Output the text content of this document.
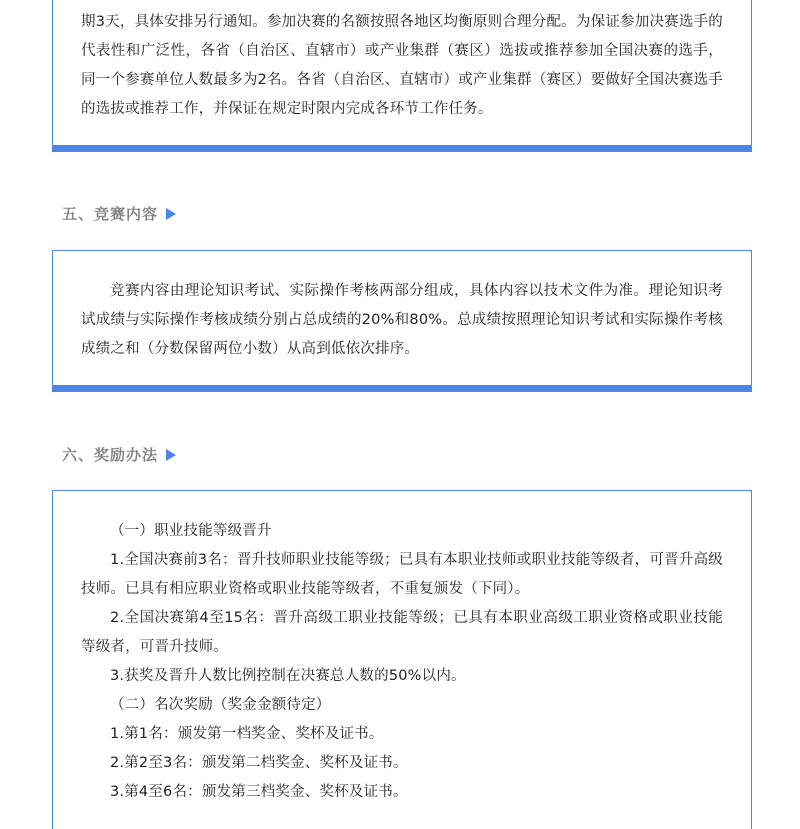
期3天，具体安排另行通知。参加决赛的名额按照各地区均衡原则合理分配。为保证参加决赛选手的代表性和广泛性，各省（自治区、直辖市）或产业集群（赛区）选拔或推荐参加全国决赛的选手，同一个参赛单位人数最多为2名。各省（自治区、直辖市）或产业集群（赛区）要做好全国决赛选手的选拔或推荐工作，并保证在规定时限内完成各环节工作任务。

五、竞赛内容

竞赛内容由理论知识考试、实际操作考核两部分组成，具体内容以技术文件为准。理论知识考试成绩与实际操作考核成绩分别占总成绩的20%和80%。总成绩按照理论知识考试和实际操作考核成绩之和（分数保留两位小数）从高到低依次排序。

六、奖励办法

（一）职业技能等级晋升

1.全国决赛前3名：晋升技师职业技能等级；已具有本职业技师或职业技能等级者，可晋升高级技师。已具有相应职业资格或职业技能等级者，不重复颁发（下同）。

2.全国决赛第4至15名：晋升高级工职业技能等级；已具有本职业高级工职业资格或职业技能等级者，可晋升技师。

3.获奖及晋升人数比例控制在决赛总人数的50%以内。

（二）名次奖励（奖金金额待定）

1.第1名：颁发第一档奖金、奖杯及证书。

2.第2至3名：颁发第二档奖金、奖杯及证书。

3.第4至6名：颁发第三档奖金、奖杯及证书。
